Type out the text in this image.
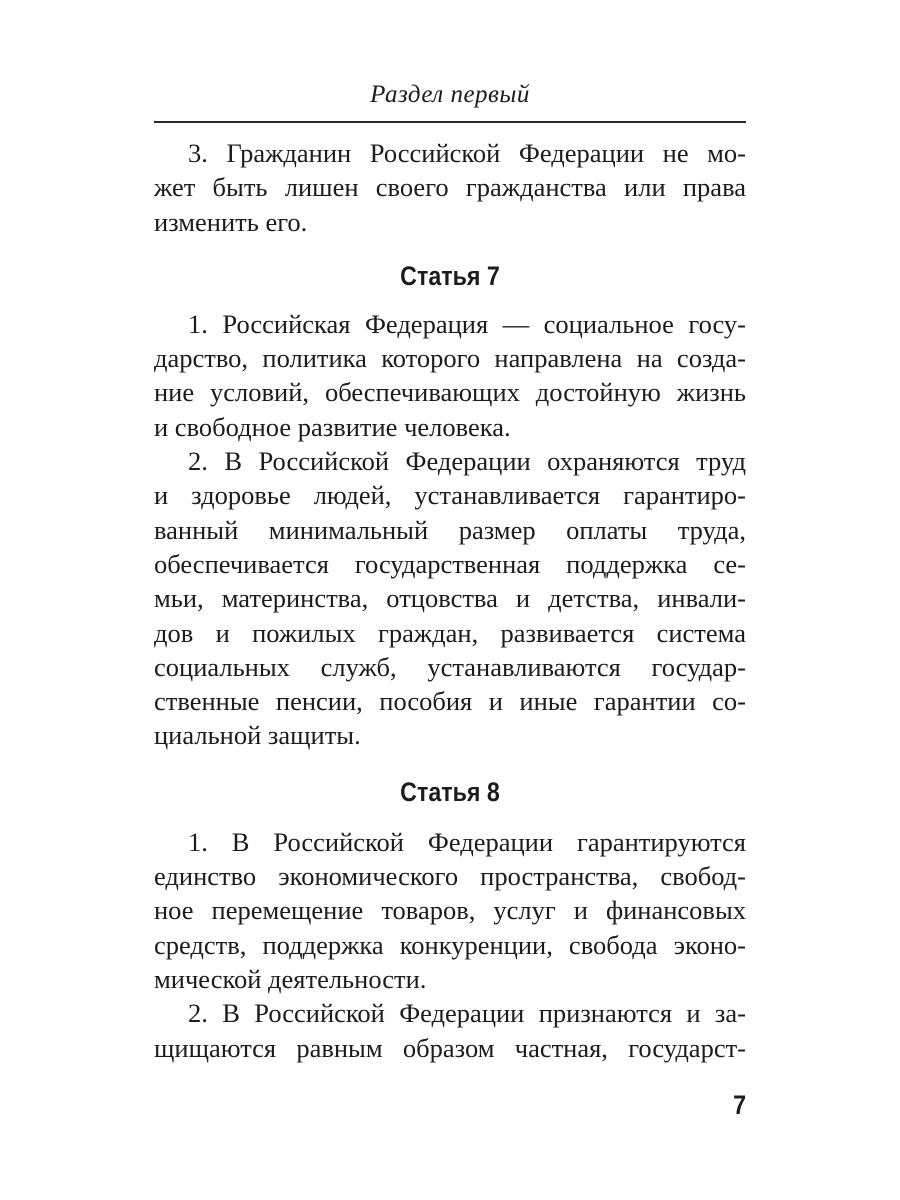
Раздел первый

3. Гражданин Российской Федерации не мо-
жет быть лишен своего гражданства или права
изменить его.

Статья 7

1. Российская Федерация — социальное госу-
дарство, политика которого направлена на созда-
ние условий, обеспечивающих достойную жизнь
и свободное развитие человека.

2. В Российской Федерации охраняются труд
и здоровье людей, устанавливается гарантиро-
ванный минимальный размер оплаты труда,
обеспечивается государственная поддержка се-
мьи, материнства, отцовства и детства, инвали-
дов и пожилых граждан, развивается система
социальных служб, устанавливаются государ-
ственные пенсии, пособия и иные гарантии со-
циальной защиты.

Статья 8

1. В Российской Федерации гарантируются
единство экономического пространства, свобод-
ное перемещение товаров, услуг и финансовых
средств, поддержка конкуренции, свобода эконо-
мической деятельности.

2. В Российской Федерации признаются и за-
щищаются равным образом частная, государст-

7
